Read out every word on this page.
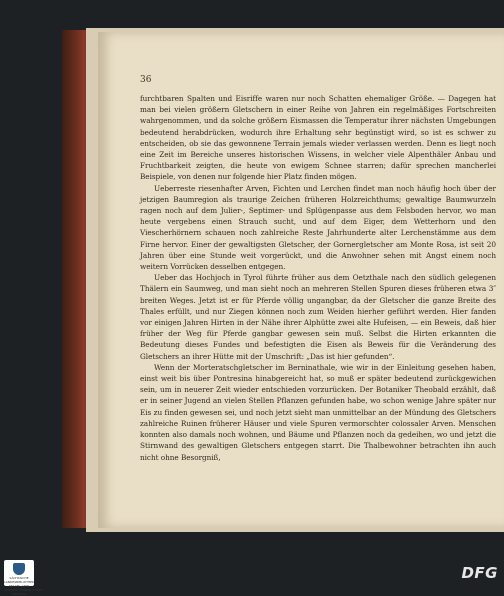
36

furchtbaren Spalten und Eisriffe waren nur noch Schatten ehemaliger Größe. — Dagegen hat man bei vielen größern Gletschern in einer Reihe von Jahren ein regelmäßiges Fortschreiten wahrgenommen, und da solche größern Eismassen die Temperatur ihrer nächsten Umgebungen bedeutend herabdrücken, wodurch ihre Erhaltung sehr begünstigt wird, so ist es schwer zu entscheiden, ob sie das gewonnene Terrain jemals wieder verlassen werden. Denn es liegt noch eine Zeit im Bereiche unseres historischen Wissens, in welcher viele Alpenthäler Anbau und Fruchtbarkeit zeigten, die heute von ewigem Schnee starren; dafür sprechen mancherlei Beispiele, von denen nur folgende hier Platz finden mögen.

Ueberreste riesenhafter Arven, Fichten und Lerchen findet man noch häufig hoch über der jetzigen Baumregion als traurige Zeichen früheren Holzreichthums; gewaltige Baumwurzeln ragen noch auf dem Julier-, Septimer- und Splügenpasse aus dem Felsboden hervor, wo man heute vergebens einen Strauch sucht, und auf dem Eiger, dem Wetterhorn und den Viescherhörnern schauen noch zahlreiche Reste Jahrhunderte alter Lerchenstämme aus dem Firne hervor. Einer der gewaltigsten Gletscher, der Gornergletscher am Monte Rosa, ist seit 20 Jahren über eine Stunde weit vorgerückt, und die Anwohner sehen mit Angst einem noch weitern Vorrücken desselben entgegen.

Ueber das Hochjoch in Tyrol führte früher aus dem Oetzthale nach den südlich gelegenen Thälern ein Saumweg, und man sieht noch an mehreren Stellen Spuren dieses früheren etwa 3″ breiten Weges. Jetzt ist er für Pferde völlig ungangbar, da der Gletscher die ganze Breite des Thales erfüllt, und nur Ziegen können noch zum Weiden hierher geführt werden. Hier fanden vor einigen Jahren Hirten in der Nähe ihrer Alphütte zwei alte Hufeisen, — ein Beweis, daß hier früher der Weg für Pferde gangbar gewesen sein muß. Selbst die Hirten erkannten die Bedeutung dieses Fundes und befestigten die Eisen als Beweis für die Veränderung des Gletschers an ihrer Hütte mit der Umschrift: „Das ist hier gefunden“.

Wenn der Morteratschgletscher im Berninathale, wie wir in der Einleitung gesehen haben, einst weit bis über Pontresina hinabgereicht hat, so muß er später bedeutend zurückgewichen sein, um in neuerer Zeit wieder entschieden vorzurücken. Der Botaniker Theobald erzählt, daß er in seiner Jugend an vielen Stellen Pflanzen gefunden habe, wo schon wenige Jahre später nur Eis zu finden gewesen sei, und noch jetzt sieht man unmittelbar an der Mündung des Gletschers zahlreiche Ruinen früherer Häuser und viele Spuren vermorschter colossaler Arven. Menschen konnten also damals noch wohnen, und Bäume und Pflanzen noch da gedeihen, wo und jetzt die Stirnwand des gewaltigen Gletschers entgegen starrt. Die Thalbewohner betrachten ihn auch nicht ohne Besorgniß,

SÄCHSISCHE LANDESBIBLIOTHEK STAATS- UND UNIVERSITÄTSBIBLIOTHEK DRESDEN
DFG
